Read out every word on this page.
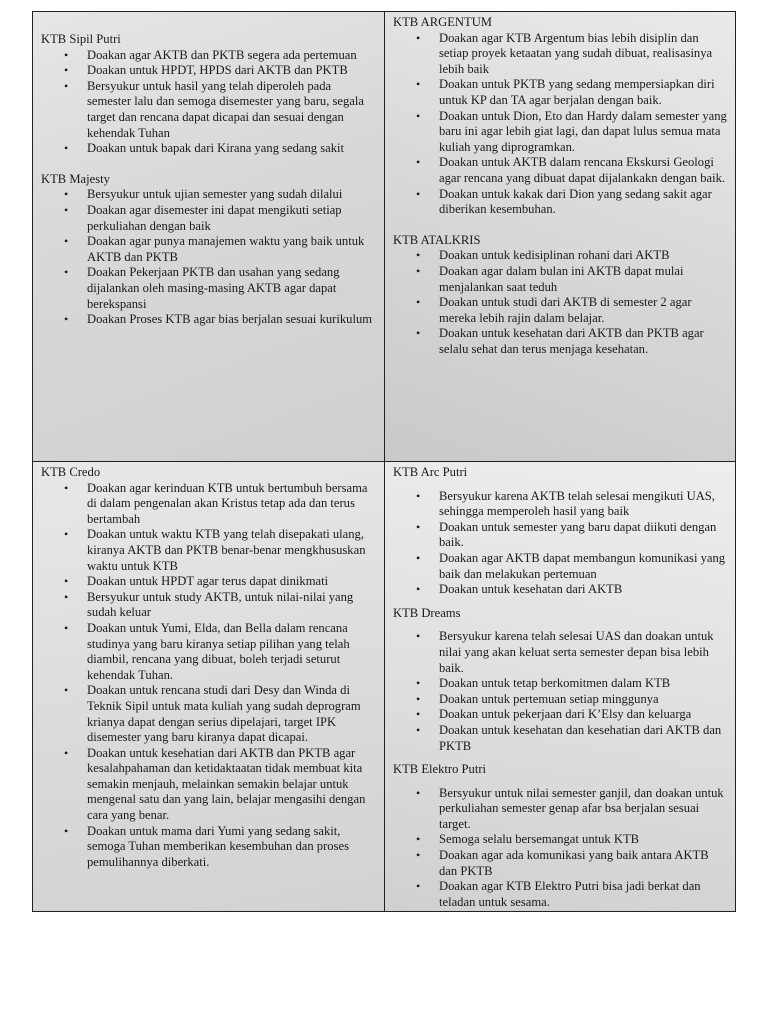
KTB Sipil Putri
• Doakan agar AKTB dan PKTB segera ada pertemuan
• Doakan untuk HPDT, HPDS dari AKTB dan PKTB
• Bersyukur untuk hasil yang telah diperoleh pada semester lalu dan semoga disemester yang baru, segala target dan rencana dapat dicapai dan sesuai dengan kehendak Tuhan
• Doakan untuk bapak dari Kirana yang sedang sakit
KTB Majesty
• Bersyukur untuk ujian semester yang sudah dilalui
• Doakan agar disemester ini dapat mengikuti setiap perkuliahan dengan baik
• Doakan agar punya manajemen waktu yang baik untuk AKTB dan PKTB
• Doakan Pekerjaan PKTB dan usahan yang sedang dijalankan oleh masing-masing AKTB agar dapat berekspansi
• Doakan Proses KTB agar bias berjalan sesuai kurikulum
KTB ARGENTUM
• Doakan agar KTB Argentum bias lebih disiplin dan setiap proyek ketaatan yang sudah dibuat, realisasinya lebih baik
• Doakan untuk PKTB yang sedang mempersiapkan diri untuk KP dan TA agar berjalan dengan baik.
• Doakan untuk Dion, Eto dan Hardy dalam semester yang baru ini agar lebih giat lagi, dan dapat lulus semua mata kuliah yang diprogramkan.
• Doakan untuk AKTB dalam rencana Ekskursi Geologi agar rencana yang dibuat dapat dijalankakn dengan baik.
• Doakan untuk kakak dari Dion yang sedang sakit agar diberikan kesembuhan.
KTB ATALKRIS
• Doakan untuk kedisiplinan rohani dari AKTB
• Doakan agar dalam bulan ini AKTB dapat mulai menjalankan saat teduh
• Doakan untuk studi dari AKTB di semester 2 agar mereka lebih rajin dalam belajar.
• Doakan untuk kesehatan dari AKTB dan PKTB agar selalu sehat dan terus menjaga kesehatan.
KTB Credo
• Doakan agar kerinduan KTB untuk bertumbuh bersama di dalam pengenalan akan Kristus tetap ada dan terus bertambah
• Doakan untuk waktu KTB yang telah disepakati ulang, kiranya AKTB dan PKTB benar-benar mengkhususkan waktu untuk KTB
• Doakan untuk HPDT agar terus dapat dinikmati
• Bersyukur untuk study AKTB, untuk nilai-nilai yang sudah keluar
• Doakan untuk Yumi, Elda, dan Bella dalam rencana studinya yang baru kiranya setiap pilihan yang telah diambil, rencana yang dibuat, boleh terjadi seturut kehendak Tuhan.
• Doakan untuk rencana studi dari Desy dan Winda di Teknik Sipil untuk mata kuliah yang sudah deprogram krianya dapat dengan serius dipelajari, target IPK disemester yang baru kiranya dapat dicapai.
• Doakan untuk kesehatian dari AKTB dan PKTB agar kesalahpahaman dan ketidaktaatan tidak membuat kita semakin menjauh, melainkan semakin belajar untuk mengenal satu dan yang lain, belajar mengasihi dengan cara yang benar.
• Doakan untuk mama dari Yumi yang sedang sakit, semoga Tuhan memberikan kesembuhan dan proses pemulihannya diberkati.
KTB Arc Putri
• Bersyukur karena AKTB telah selesai mengikuti UAS, sehingga memperoleh hasil yang baik
• Doakan untuk semester yang baru dapat diikuti dengan baik.
• Doakan agar AKTB dapat membangun komunikasi yang baik dan melakukan pertemuan
• Doakan untuk kesehatan dari AKTB
KTB Dreams
• Bersyukur karena telah selesai UAS dan doakan untuk nilai yang akan keluat serta semester depan bisa lebih baik.
• Doakan untuk tetap berkomitmen dalam KTB
• Doakan untuk pertemuan setiap minggunya
• Doakan untuk pekerjaan dari K’Elsy dan keluarga
• Doakan untuk kesehatan dan kesehatian dari AKTB dan PKTB
KTB Elektro Putri
• Bersyukur untuk nilai semester ganjil, dan doakan untuk perkuliahan semester genap afar bsa berjalan sesuai target.
• Semoga selalu bersemangat untuk KTB
• Doakan agar ada komunikasi yang baik antara AKTB dan PKTB
• Doakan agar KTB Elektro Putri bisa jadi berkat dan teladan untuk sesama.
